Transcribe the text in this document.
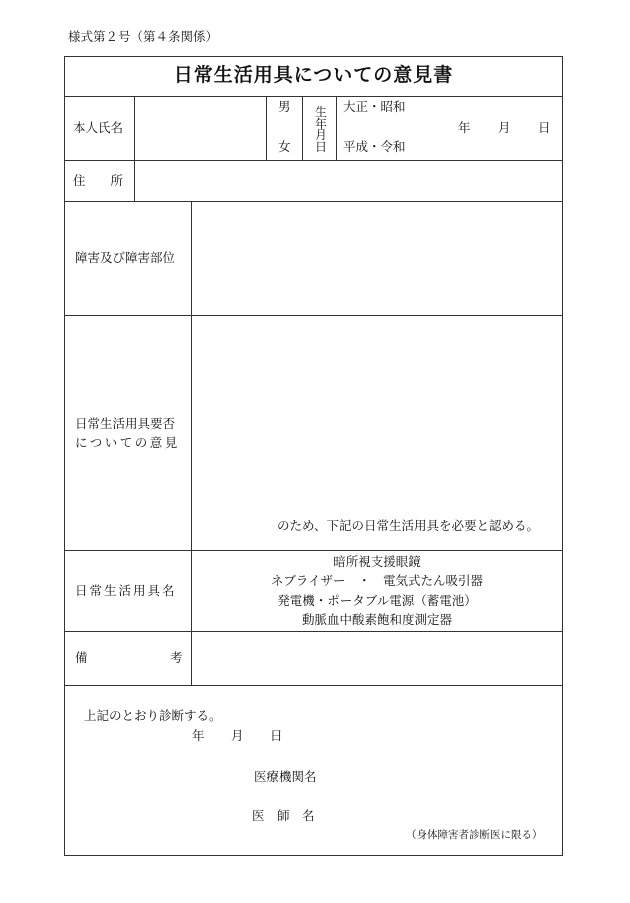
様式第２号（第４条関係）
日常生活用具についての意見書
本人氏名
男
女
生年月日
大正・昭和
平成・令和
年 月 日
住　　所
障害及び障害部位
日常生活用具要否
についての意見
のため、下記の日常生活用具を必要と認める。
日常生活用具名
暗所視支援眼鏡
ネブライザー　・　電気式たん吸引器
発電機・ポータブル電源（蓄電池）
動脈血中酸素飽和度測定器
備	考
上記のとおり診断する。
年 月 日
医療機関名
医　師　名
（身体障害者診断医に限る）
